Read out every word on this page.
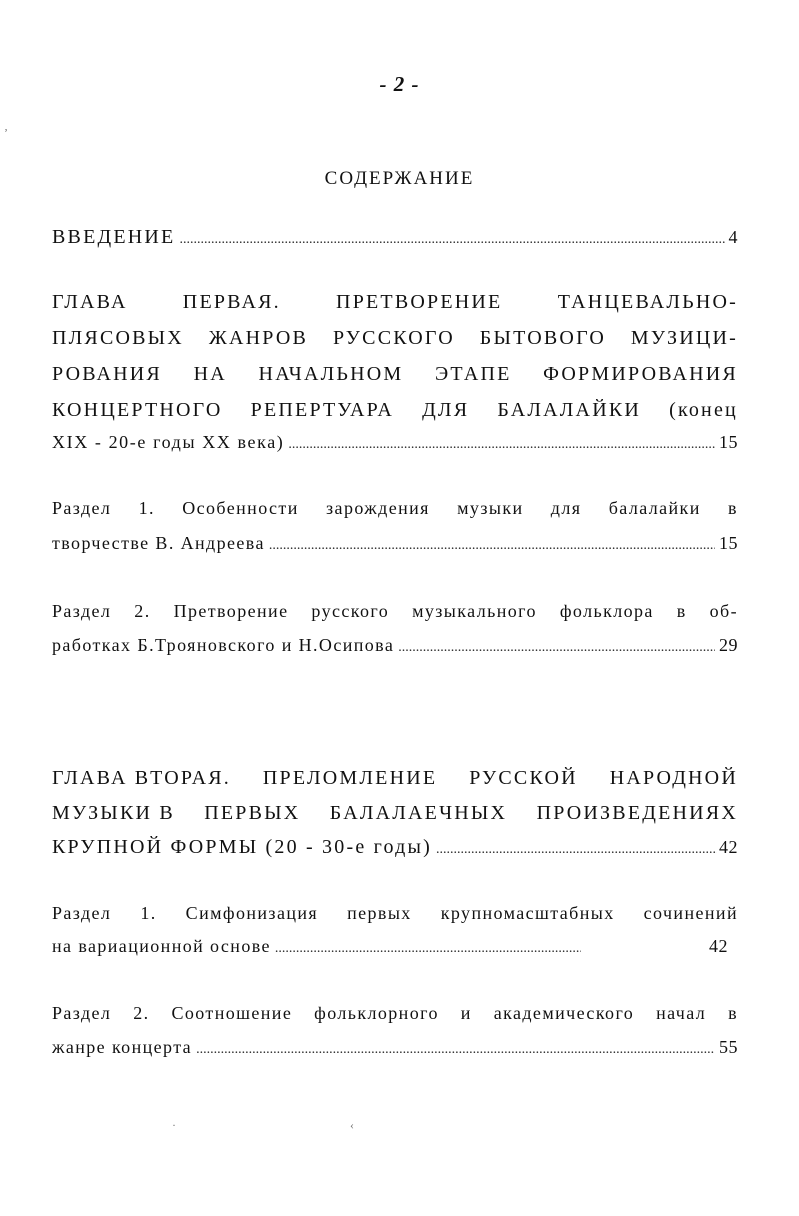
- 2 -
СОДЕРЖАНИЕ
ВВЕДЕНИЕ .....	4
ГЛАВА	ПЕРВАЯ.	ПРЕТВОРЕНИЕ	ТАНЦЕВАЛЬНО-
ПЛЯСОВЫХ ЖАНРОВ РУССКОГО БЫТОВОГО МУЗИЦИ-
РОВАНИЯ НА НАЧАЛЬНОМ ЭТАПЕ ФОРМИРОВАНИЯ
КОНЦЕРТНОГО РЕПЕРТУАРА ДЛЯ БАЛАЛАЙКИ (конец
XIX - 20-е годы XX века) .....	15
Раздел 1. Особенности зарождения музыки для балалайки в
творчестве В. Андреева .....	15
Раздел 2. Претворение русского музыкального фольклора в об-
работках Б.Трояновского и Н.Осипова .....	29
ГЛАВА ВТОРАЯ. ПРЕЛОМЛЕНИЕ РУССКОЙ НАРОДНОЙ
МУЗЫКИ В ПЕРВЫХ БАЛАЛАЕЧНЫХ ПРОИЗВЕДЕНИЯХ
КРУПНОЙ ФОРМЫ (20 - 30-е годы) .....	42
Раздел 1. Симфонизация первых крупномасштабных сочинений
на вариационной основе .....	42
Раздел 2. Соотношение фольклорного и академического начал в
жанре концерта .....	55
ʼ
·	‹
